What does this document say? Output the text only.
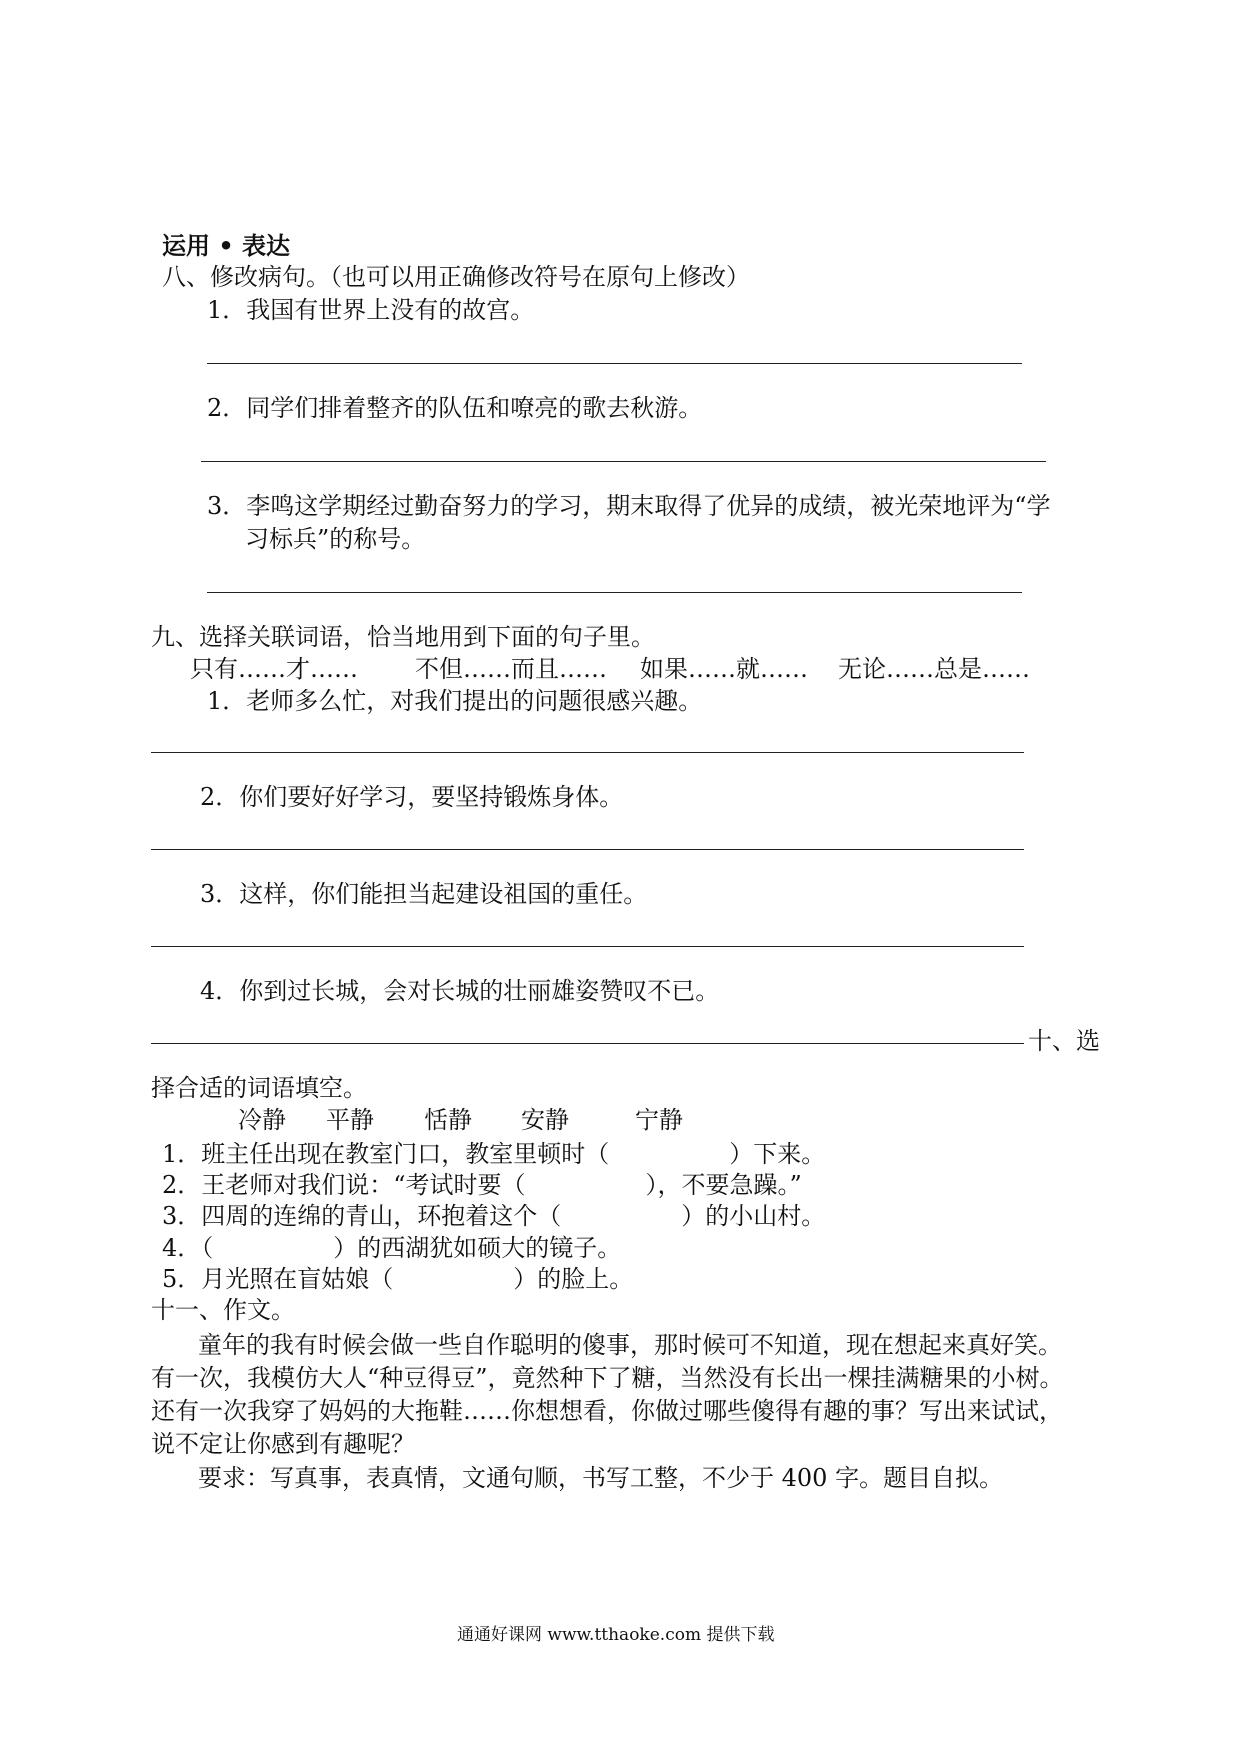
运用 • 表达
八、修改病句。（也可以用正确修改符号在原句上修改）
1．我国有世界上没有的故宫。
2．同学们排着整齐的队伍和嘹亮的歌去秋游。
3．李鸣这学期经过勤奋努力的学习，期末取得了优异的成绩，被光荣地评为“学
习标兵”的称号。
九、选择关联词语，恰当地用到下面的句子里。
只有……才…… 不但……而且…… 如果……就…… 无论……总是……
1．老师多么忙，对我们提出的问题很感兴趣。
2．你们要好好学习，要坚持锻炼身体。
3．这样，你们能担当起建设祖国的重任。
4．你到过长城，会对长城的壮丽雄姿赞叹不已。
十、选
择合适的词语填空。
冷静 平静 恬静 安静	宁静
1．班主任出现在教室门口，教室里顿时（　　　　　）下来。
2．王老师对我们说：“考试时要（　　　　　），不要急躁。”
3．四周的连绵的青山，环抱着这个（　　　　　）的小山村。
4．（　　　　　）的西湖犹如硕大的镜子。
5．月光照在盲姑娘（　　　　　）的脸上。
十一、作文。
童年的我有时候会做一些自作聪明的傻事，那时候可不知道，现在想起来真好笑。
有一次，我模仿大人“种豆得豆”，竟然种下了糖，当然没有长出一棵挂满糖果的小树。
还有一次我穿了妈妈的大拖鞋……你想想看，你做过哪些傻得有趣的事？写出来试试，
说不定让你感到有趣呢？
要求：写真事，表真情，文通句顺，书写工整，不少于 400 字。题目自拟。
通通好课网 www.tthaoke.com 提供下载
